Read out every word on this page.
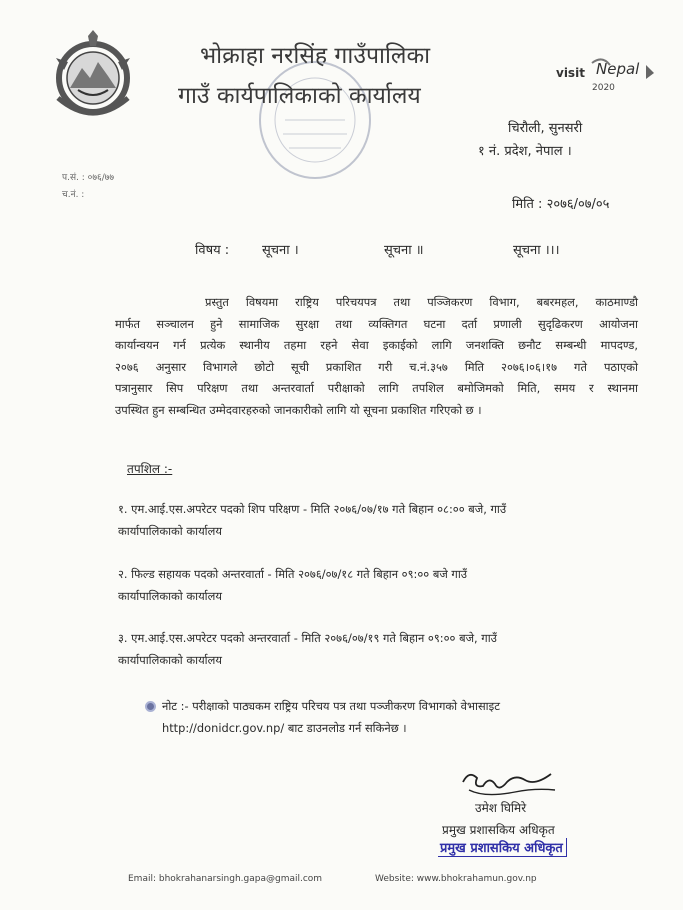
भोक्राहा नरसिंह गाउँपालिका
गाउँ कार्यपालिकाको कार्यालय
visit Nepal
2020
चिरौली, सुनसरी
१ नं. प्रदेश, नेपाल ।
प.सं. : ०७६/७७
च.नं. :
मिति : २०७६/०७/०५
विषय :	सूचना ।	सूचना ॥	सूचना ।।।

प्रस्तुत विषयमा राष्ट्रिय परिचयपत्र तथा पञ्जिकरण विभाग, बबरमहल, काठमाण्डौ

मार्फत सञ्चालन हुने सामाजिक सुरक्षा तथा व्यक्तिगत घटना दर्ता प्रणाली सुदृढिकरण आयोजना

कार्यान्वयन गर्न प्रत्येक स्थानीय तहमा रहने सेवा इकाईको लागि जनशक्ति छनौट सम्बन्धी मापदण्ड,

२०७६ अनुसार विभागले छोटो सूची प्रकाशित गरी च.नं.३५७ मिति २०७६।०६।१७ गते पठाएको

पत्रानुसार सिप परिक्षण तथा अन्तरवार्ता परीक्षाको लागि तपशिल बमोजिमको मिति, समय र स्थानमा

उपस्थित हुन सम्बन्धित उम्मेदवारहरुको जानकारीको लागि यो सूचना प्रकाशित गरिएको छ ।

तपशिल :-
१. एम.आई.एस.अपरेटर पदको शिप परिक्षण - मिति २०७६/०७/१७ गते बिहान ०८:०० बजे, गाउँ
कार्यापालिकाको कार्यालय
२. फिल्ड सहायक पदको अन्तरवार्ता - मिति २०७६/०७/१८ गते बिहान ०९:०० बजे गाउँ
कार्यापालिकाको कार्यालय
३. एम.आई.एस.अपरेटर पदको अन्तरवार्ता - मिति २०७६/०७/१९ गते बिहान ०९:०० बजे, गाउँ
कार्यापालिकाको कार्यालय
नोट :- परीक्षाको पाठ्यकम राष्ट्रिय परिचय पत्र तथा पञ्जीकरण विभागको वेभासाइट
http://donidcr.gov.np/ बाट डाउनलोड गर्न सकिनेछ ।
उमेश घिमिरे
प्रमुख प्रशासकिय अधिकृत
प्रमुख प्रशासकिय अधिकृत
Email: bhokrahanarsingh.gapa@gmail.com	Website: www.bhokrahamun.gov.np
